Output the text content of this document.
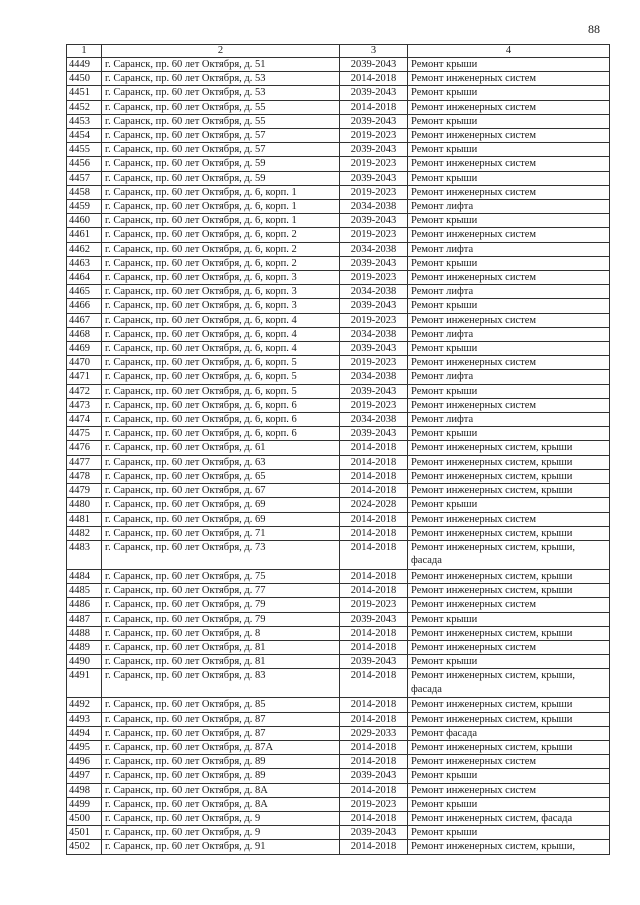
88
1	2	3	4
4449	г. Саранск, пр. 60 лет Октября, д. 51	2039-2043	Ремонт крыши
4450	г. Саранск, пр. 60 лет Октября, д. 53	2014-2018	Ремонт инженерных систем
4451	г. Саранск, пр. 60 лет Октября, д. 53	2039-2043	Ремонт крыши
4452	г. Саранск, пр. 60 лет Октября, д. 55	2014-2018	Ремонт инженерных систем
4453	г. Саранск, пр. 60 лет Октября, д. 55	2039-2043	Ремонт крыши
4454	г. Саранск, пр. 60 лет Октября, д. 57	2019-2023	Ремонт инженерных систем
4455	г. Саранск, пр. 60 лет Октября, д. 57	2039-2043	Ремонт крыши
4456	г. Саранск, пр. 60 лет Октября, д. 59	2019-2023	Ремонт инженерных систем
4457	г. Саранск, пр. 60 лет Октября, д. 59	2039-2043	Ремонт крыши
4458	г. Саранск, пр. 60 лет Октября, д. 6, корп. 1	2019-2023	Ремонт инженерных систем
4459	г. Саранск, пр. 60 лет Октября, д. 6, корп. 1	2034-2038	Ремонт лифта
4460	г. Саранск, пр. 60 лет Октября, д. 6, корп. 1	2039-2043	Ремонт крыши
4461	г. Саранск, пр. 60 лет Октября, д. 6, корп. 2	2019-2023	Ремонт инженерных систем
4462	г. Саранск, пр. 60 лет Октября, д. 6, корп. 2	2034-2038	Ремонт лифта
4463	г. Саранск, пр. 60 лет Октября, д. 6, корп. 2	2039-2043	Ремонт крыши
4464	г. Саранск, пр. 60 лет Октября, д. 6, корп. 3	2019-2023	Ремонт инженерных систем
4465	г. Саранск, пр. 60 лет Октября, д. 6, корп. 3	2034-2038	Ремонт лифта
4466	г. Саранск, пр. 60 лет Октября, д. 6, корп. 3	2039-2043	Ремонт крыши
4467	г. Саранск, пр. 60 лет Октября, д. 6, корп. 4	2019-2023	Ремонт инженерных систем
4468	г. Саранск, пр. 60 лет Октября, д. 6, корп. 4	2034-2038	Ремонт лифта
4469	г. Саранск, пр. 60 лет Октября, д. 6, корп. 4	2039-2043	Ремонт крыши
4470	г. Саранск, пр. 60 лет Октября, д. 6, корп. 5	2019-2023	Ремонт инженерных систем
4471	г. Саранск, пр. 60 лет Октября, д. 6, корп. 5	2034-2038	Ремонт лифта
4472	г. Саранск, пр. 60 лет Октября, д. 6, корп. 5	2039-2043	Ремонт крыши
4473	г. Саранск, пр. 60 лет Октября, д. 6, корп. 6	2019-2023	Ремонт инженерных систем
4474	г. Саранск, пр. 60 лет Октября, д. 6, корп. 6	2034-2038	Ремонт лифта
4475	г. Саранск, пр. 60 лет Октября, д. 6, корп. 6	2039-2043	Ремонт крыши
4476	г. Саранск, пр. 60 лет Октября, д. 61	2014-2018	Ремонт инженерных систем, крыши
4477	г. Саранск, пр. 60 лет Октября, д. 63	2014-2018	Ремонт инженерных систем, крыши
4478	г. Саранск, пр. 60 лет Октября, д. 65	2014-2018	Ремонт инженерных систем, крыши
4479	г. Саранск, пр. 60 лет Октября, д. 67	2014-2018	Ремонт инженерных систем, крыши
4480	г. Саранск, пр. 60 лет Октября, д. 69	2024-2028	Ремонт крыши
4481	г. Саранск, пр. 60 лет Октября, д. 69	2014-2018	Ремонт инженерных систем
4482	г. Саранск, пр. 60 лет Октября, д. 71	2014-2018	Ремонт инженерных систем, крыши
4483	г. Саранск, пр. 60 лет Октября, д. 73	2014-2018	Ремонт инженерных систем, крыши, фасада
4484	г. Саранск, пр. 60 лет Октября, д. 75	2014-2018	Ремонт инженерных систем, крыши
4485	г. Саранск, пр. 60 лет Октября, д. 77	2014-2018	Ремонт инженерных систем, крыши
4486	г. Саранск, пр. 60 лет Октября, д. 79	2019-2023	Ремонт инженерных систем
4487	г. Саранск, пр. 60 лет Октября, д. 79	2039-2043	Ремонт крыши
4488	г. Саранск, пр. 60 лет Октября, д. 8	2014-2018	Ремонт инженерных систем, крыши
4489	г. Саранск, пр. 60 лет Октября, д. 81	2014-2018	Ремонт инженерных систем
4490	г. Саранск, пр. 60 лет Октября, д. 81	2039-2043	Ремонт крыши
4491	г. Саранск, пр. 60 лет Октября, д. 83	2014-2018	Ремонт инженерных систем, крыши, фасада
4492	г. Саранск, пр. 60 лет Октября, д. 85	2014-2018	Ремонт инженерных систем, крыши
4493	г. Саранск, пр. 60 лет Октября, д. 87	2014-2018	Ремонт инженерных систем, крыши
4494	г. Саранск, пр. 60 лет Октября, д. 87	2029-2033	Ремонт фасада
4495	г. Саранск, пр. 60 лет Октября, д. 87А	2014-2018	Ремонт инженерных систем, крыши
4496	г. Саранск, пр. 60 лет Октября, д. 89	2014-2018	Ремонт инженерных систем
4497	г. Саранск, пр. 60 лет Октября, д. 89	2039-2043	Ремонт крыши
4498	г. Саранск, пр. 60 лет Октября, д. 8А	2014-2018	Ремонт инженерных систем
4499	г. Саранск, пр. 60 лет Октября, д. 8А	2019-2023	Ремонт крыши
4500	г. Саранск, пр. 60 лет Октября, д. 9	2014-2018	Ремонт инженерных систем, фасада
4501	г. Саранск, пр. 60 лет Октября, д. 9	2039-2043	Ремонт крыши
4502	г. Саранск, пр. 60 лет Октября, д. 91	2014-2018	Ремонт инженерных систем, крыши,
